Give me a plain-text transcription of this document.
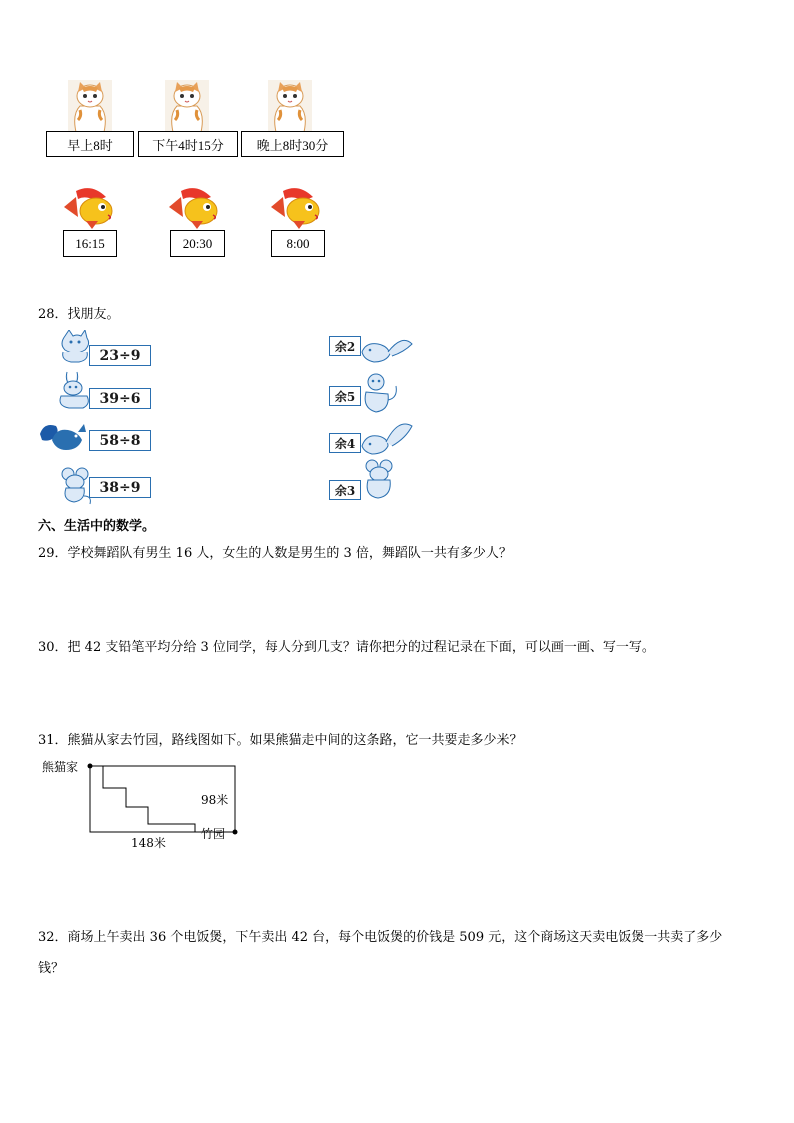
早上8时	下午4时15分	晚上8时30分
16:15	20:30	8:00
28．找朋友。
23÷9
39÷6
58÷8
38÷9
余2
余5
余4
余3
六、生活中的数学。
29．学校舞蹈队有男生 16 人，女生的人数是男生的 3 倍，舞蹈队一共有多少人？
30．把 42 支铅笔平均分给 3 位同学，每人分到几支？请你把分的过程记录在下面，可以画一画、写一写。
31．熊猫从家去竹园，路线图如下。如果熊猫走中间的这条路，它一共要走多少米？
熊猫家
98米
竹园
148米
32．商场上午卖出 36 个电饭煲，下午卖出 42 台，每个电饭煲的价钱是 509 元，这个商场这天卖电饭煲一共卖了多少
钱？
